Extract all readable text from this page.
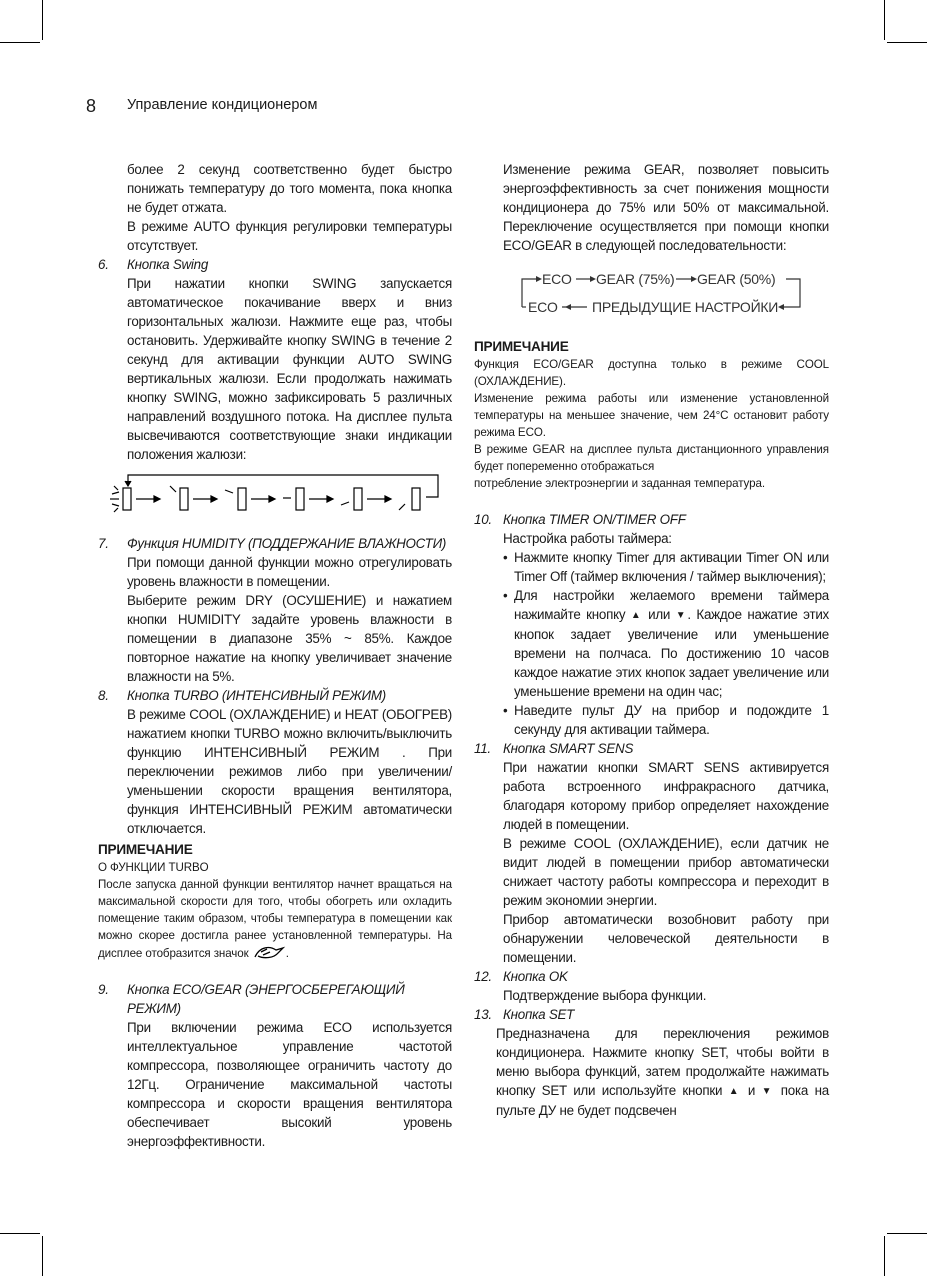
8 Управление кондиционером

более 2 секунд соответственно будет быстро понижать температуру до того момента, пока кнопка не будет отжата.

В режиме AUTO функция регулировки температуры отсутствует.

6. Кнопка Swing

При нажатии кнопки SWING запускается автоматическое покачивание вверх и вниз горизонтальных жалюзи. Нажмите еще раз, чтобы остановить. Удерживайте кнопку SWING в течение 2 секунд для активации функции AUTO SWING вертикальных жалюзи. Если продолжать нажимать кнопку SWING, можно зафиксировать 5 различных направлений воздушного потока. На дисплее пульта высвечиваются соответствующие знаки индикации положения жалюзи:

7. Функция HUMIDITY (ПОДДЕРЖАНИЕ ВЛАЖНОСТИ)

При помощи данной функции можно отрегулировать уровень влажности в помещении.

Выберите режим DRY (ОСУШЕНИЕ) и нажатием кнопки HUMIDITY задайте уровень влажности в помещении в диапазоне 35% ~ 85%. Каждое повторное нажатие на кнопку увеличивает значение влажности на 5%.

8. Кнопка TURBO (ИНТЕНСИВНЫЙ РЕЖИМ)

В режиме COOL (ОХЛАЖДЕНИЕ) и HEAT (ОБОГРЕВ) нажатием кнопки TURBO можно включить/выключить функцию ИНТЕНСИВНЫЙ РЕЖИМ . При переключении режимов либо при увеличении/уменьшении скорости вращения вентилятора, функция ИНТЕНСИВНЫЙ РЕЖИМ автоматически отключается.

ПРИМЕЧАНИЕ
О ФУНКЦИИ TURBO

После запуска данной функции вентилятор начнет вращаться на максимальной скорости для того, чтобы обогреть или охладить помещение таким образом, чтобы температура в помещении как можно скорее достигла ранее установленной температуры. На дисплее отобразится значок	.

9. Кнопка ECO/GEAR (ЭНЕРГОСБЕРЕГАЮЩИЙ РЕЖИМ)

При включении режима ECO используется интеллектуальное управление частотой компрессора, позволяющее ограничить частоту до 12Гц. Ограничение максимальной частоты компрессора и скорости вращения вентилятора обеспечивает высокий уровень энергоэффективности.

Изменение режима GEAR, позволяет повысить энергоэффективность за счет понижения мощности кондиционера до 75% или 50% от максимальной. Переключение осуществляется при помощи кнопки ECO/GEAR в следующей последовательности:

ECO GEAR (75%) GEAR (50%)
ECO ПРЕДЫДУЩИЕ НАСТРОЙКИ
ПРИМЕЧАНИЕ

Функция ECO/GEAR доступна только в режиме COOL (ОХЛАЖДЕНИЕ).

Изменение режима работы или изменение установленной температуры на меньшее значение, чем 24°C остановит работу режима ECO.

В режиме GEAR на дисплее пульта дистанционного управления будет попеременно отображаться

потребление электроэнергии и заданная температура.

10. Кнопка TIMER ON/TIMER OFF

Настройка работы таймера:

• Нажмите кнопку Timer для активации Timer ON или Timer Off (таймер включения / таймер выключения);

• Для настройки желаемого времени таймера нажимайте кнопку ▲ или ▼. Каждое нажатие этих кнопок задает увеличение или уменьшение времени на полчаса. По достижению 10 часов каждое нажатие этих кнопок задает увеличение или уменьшение времени на один час;

• Наведите пульт ДУ на прибор и подождите 1 секунду для активации таймера.

11. Кнопка SMART SENS

При нажатии кнопки SMART SENS активируется работа встроенного инфракрасного датчика, благодаря которому прибор определяет нахождение людей в помещении.

В режиме COOL (ОХЛАЖДЕНИЕ), если датчик не видит людей в помещении прибор автоматически снижает частоту работы компрессора и переходит в режим экономии энергии.

Прибор автоматически возобновит работу при обнаружении человеческой деятельности в помещении.

12. Кнопка OK

Подтверждение выбора функции.

13. Кнопка SET

Предназначена для переключения режимов кондиционера. Нажмите кнопку SET, чтобы войти в меню выбора функций, затем продолжайте нажимать кнопку SET или используйте кнопки ▲ и ▼ пока на пульте ДУ не будет подсвечен
